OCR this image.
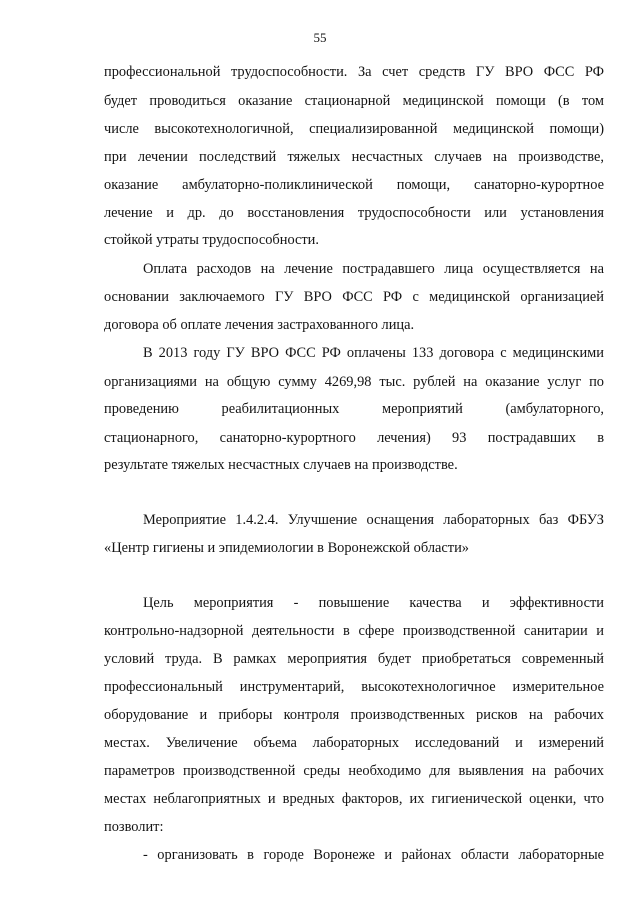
55
профессиональной трудоспособности. За счет средств ГУ ВРО ФСС РФ
будет проводиться оказание стационарной медицинской помощи (в том
числе высокотехнологичной, специализированной медицинской помощи)
при лечении последствий тяжелых несчастных случаев на производстве,
оказание амбулаторно-поликлинической помощи, санаторно-курортное
лечение и др. до восстановления трудоспособности или установления
стойкой утраты трудоспособности.
Оплата расходов на лечение пострадавшего лица осуществляется на
основании заключаемого ГУ ВРО ФСС РФ с медицинской организацией
договора об оплате лечения застрахованного лица.
В 2013 году ГУ ВРО ФСС РФ оплачены 133 договора с медицинскими
организациями на общую сумму 4269,98 тыс. рублей на оказание услуг по
проведению реабилитационных мероприятий (амбулаторного,
стационарного, санаторно-курортного лечения) 93 пострадавших в
результате тяжелых несчастных случаев на производстве.
Мероприятие 1.4.2.4. Улучшение оснащения лабораторных баз ФБУЗ
«Центр гигиены и эпидемиологии в Воронежской области»
Цель мероприятия - повышение качества и эффективности
контрольно-надзорной деятельности в сфере производственной санитарии и
условий труда. В рамках мероприятия будет приобретаться современный
профессиональный инструментарий, высокотехнологичное измерительное
оборудование и приборы контроля производственных рисков на рабочих
местах. Увеличение объема лабораторных исследований и измерений
параметров производственной среды необходимо для выявления на рабочих
местах неблагоприятных и вредных факторов, их гигиенической оценки, что
позволит:
- организовать в городе Воронеже и районах области лабораторные
